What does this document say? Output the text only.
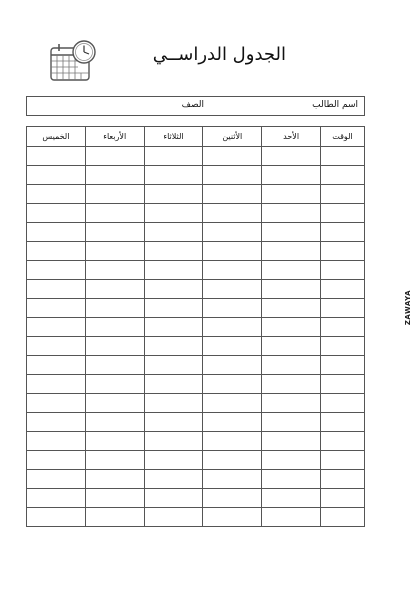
الجدول الدراســي
اسم الطالب
الصف
الوقت	الأحد	الأثنين	الثلاثاء	الأربعاء	الخميس

ZAWAYA
